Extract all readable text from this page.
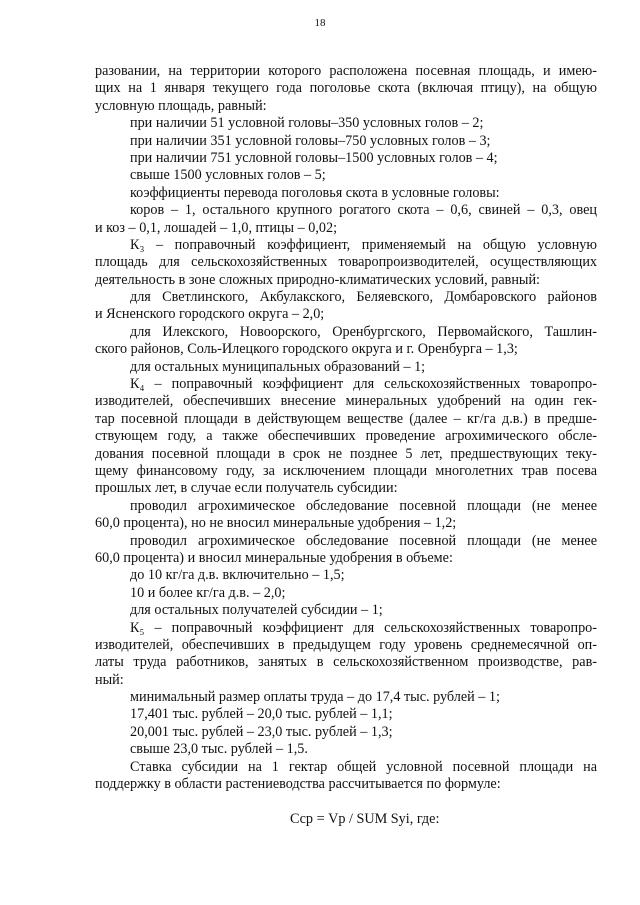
18
разовании, на территории которого расположена посевная площадь, и имею-
щих на 1 января текущего года поголовье скота (включая птицу), на общую
условную площадь, равный:
при наличии 51 условной головы–350 условных голов – 2;
при наличии 351 условной головы–750 условных голов – 3;
при наличии 751 условной головы–1500 условных голов – 4;
свыше 1500 условных голов – 5;
коэффициенты перевода поголовья скота в условные головы:
коров – 1, остального крупного рогатого скота – 0,6, свиней – 0,3, овец
и коз – 0,1, лошадей – 1,0, птицы – 0,02;
К₃ – поправочный коэффициент, применяемый на общую условную
площадь для сельскохозяйственных товаропроизводителей, осуществляющих
деятельность в зоне сложных природно-климатических условий, равный:
для Светлинского, Акбулакского, Беляевского, Домбаровского районов
и Ясненского городского округа – 2,0;
для Илекского, Новоорского, Оренбургского, Первомайского, Ташлин-
ского районов, Соль-Илецкого городского округа и г. Оренбурга – 1,3;
для остальных муниципальных образований – 1;
К₄ – поправочный коэффициент для сельскохозяйственных товаропро-
изводителей, обеспечивших внесение минеральных удобрений на один гек-
тар посевной площади в действующем веществе (далее – кг/га д.в.) в предше-
ствующем году, а также обеспечивших проведение агрохимического обсле-
дования посевной площади в срок не позднее 5 лет, предшествующих теку-
щему финансовому году, за исключением площади многолетних трав посева
прошлых лет, в случае если получатель субсидии:
проводил агрохимическое обследование посевной площади (не менее
60,0 процента), но не вносил минеральные удобрения – 1,2;
проводил агрохимическое обследование посевной площади (не менее
60,0 процента) и вносил минеральные удобрения в объеме:
до 10 кг/га д.в. включительно – 1,5;
10 и более кг/га д.в. – 2,0;
для остальных получателей субсидии – 1;
К₅ – поправочный коэффициент для сельскохозяйственных товаропро-
изводителей, обеспечивших в предыдущем году уровень среднемесячной оп-
латы труда работников, занятых в сельскохозяйственном производстве, рав-
ный:
минимальный размер оплаты труда – до 17,4 тыс. рублей – 1;
17,401 тыс. рублей – 20,0 тыс. рублей – 1,1;
20,001 тыс. рублей – 23,0 тыс. рублей – 1,3;
свыше 23,0 тыс. рублей – 1,5.
Ставка субсидии на 1 гектар общей условной посевной площади на
поддержку в области растениеводства рассчитывается по формуле:
Сср = Vр / SUM Syi, где:
